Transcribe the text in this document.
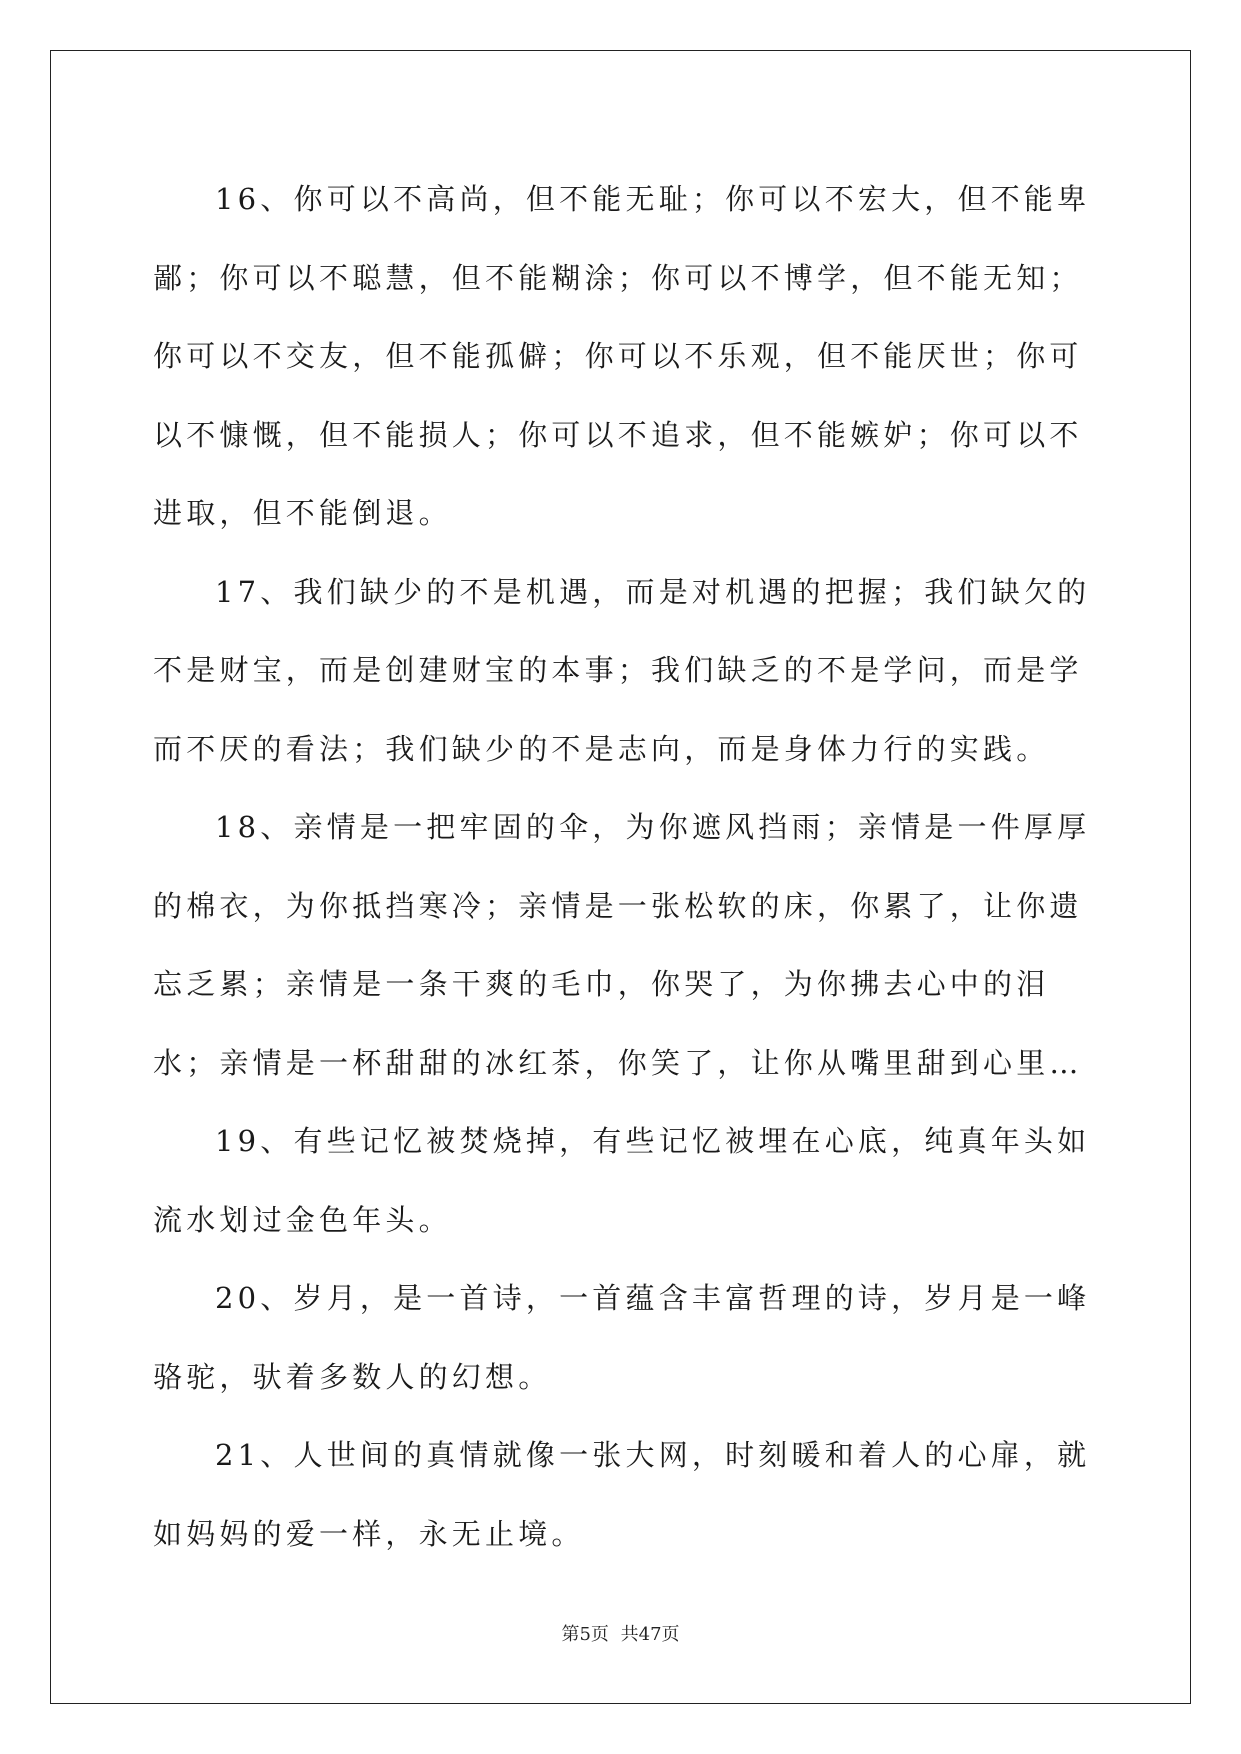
16、你可以不高尚，但不能无耻；你可以不宏大，但不能卑鄙；你可以不聪慧，但不能糊涂；你可以不博学，但不能无知；你可以不交友，但不能孤僻；你可以不乐观，但不能厌世；你可以不慷慨，但不能损人；你可以不追求，但不能嫉妒；你可以不进取，但不能倒退。

17、我们缺少的不是机遇，而是对机遇的把握；我们缺欠的不是财宝，而是创建财宝的本事；我们缺乏的不是学问，而是学而不厌的看法；我们缺少的不是志向，而是身体力行的实践。

18、亲情是一把牢固的伞，为你遮风挡雨；亲情是一件厚厚的棉衣，为你抵挡寒冷；亲情是一张松软的床，你累了，让你遗忘乏累；亲情是一条干爽的毛巾，你哭了，为你拂去心中的泪水；亲情是一杯甜甜的冰红茶，你笑了，让你从嘴里甜到心里…

19、有些记忆被焚烧掉，有些记忆被埋在心底，纯真年头如流水划过金色年头。

20、岁月，是一首诗，一首蕴含丰富哲理的诗，岁月是一峰骆驼，驮着多数人的幻想。

21、人世间的真情就像一张大网，时刻暖和着人的心扉，就如妈妈的爱一样，永无止境。

第5页 共47页
